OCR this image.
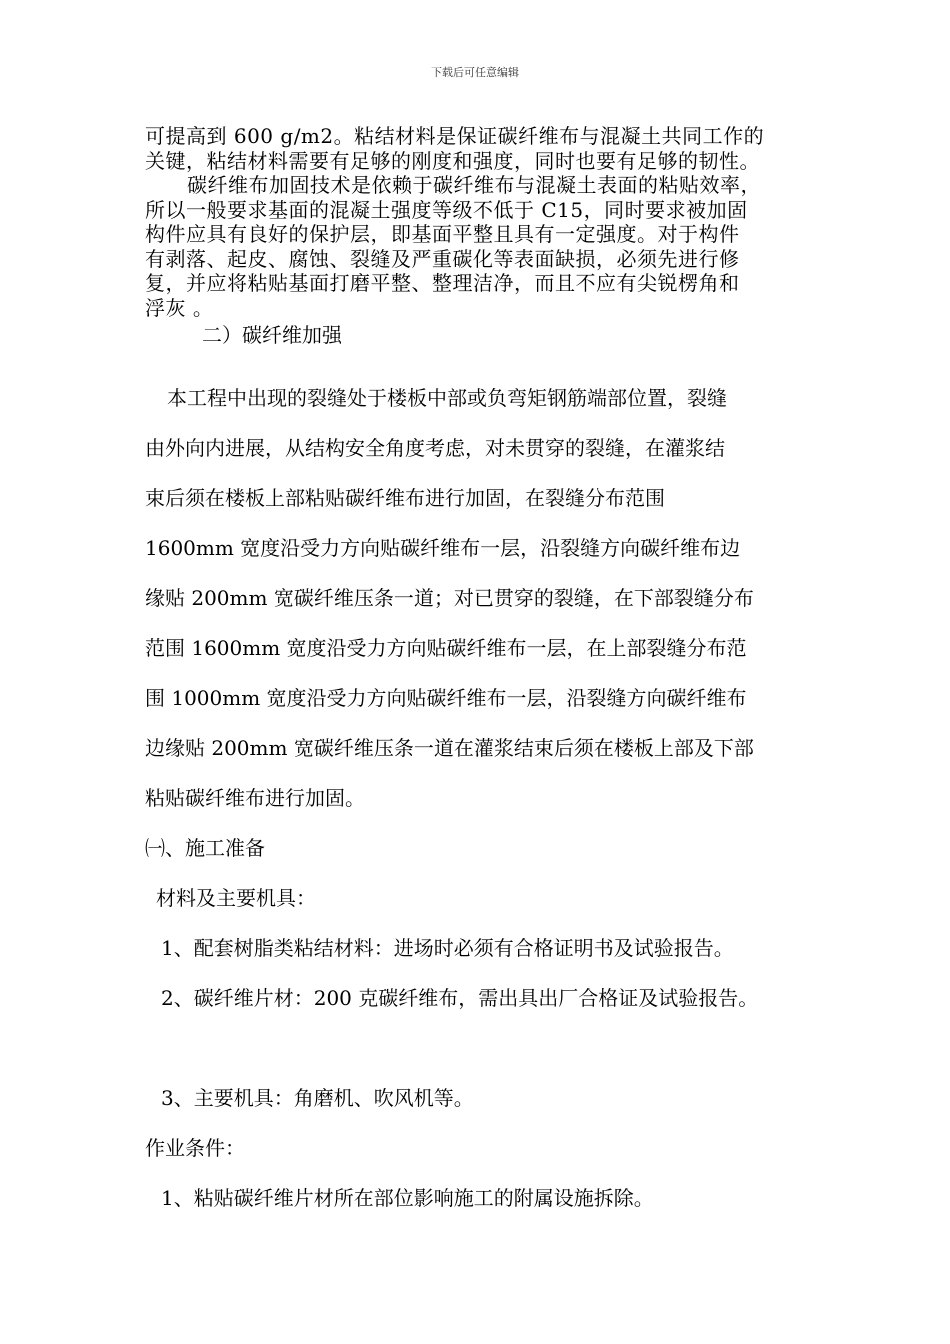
下载后可任意编辑

可提高到 600 g/m2。粘结材料是保证碳纤维布与混凝土共同工作的

关键，粘结材料需要有足够的刚度和强度，同时也要有足够的韧性。

碳纤维布加固技术是依赖于碳纤维布与混凝土表面的粘贴效率，

所以一般要求基面的混凝土强度等级不低于 C15，同时要求被加固

构件应具有良好的保护层，即基面平整且具有一定强度。对于构件

有剥落、起皮、腐蚀、裂缝及严重碳化等表面缺损，必须先进行修

复，并应将粘贴基面打磨平整、整理洁净，而且不应有尖锐楞角和

浮灰 。

二）碳纤维加强

本工程中出现的裂缝处于楼板中部或负弯矩钢筋端部位置，裂缝

由外向内进展，从结构安全角度考虑，对未贯穿的裂缝，在灌浆结

束后须在楼板上部粘贴碳纤维布进行加固，在裂缝分布范围

1600mm 宽度沿受力方向贴碳纤维布一层，沿裂缝方向碳纤维布边

缘贴 200mm 宽碳纤维压条一道；对已贯穿的裂缝，在下部裂缝分布

范围 1600mm 宽度沿受力方向贴碳纤维布一层，在上部裂缝分布范

围 1000mm 宽度沿受力方向贴碳纤维布一层，沿裂缝方向碳纤维布

边缘贴 200mm 宽碳纤维压条一道在灌浆结束后须在楼板上部及下部

粘贴碳纤维布进行加固。

㈠、施工准备

材料及主要机具：

1、配套树脂类粘结材料：进场时必须有合格证明书及试验报告。

2、碳纤维片材：200 克碳纤维布，需出具出厂合格证及试验报告。

3、主要机具：角磨机、吹风机等。

作业条件：

1、粘贴碳纤维片材所在部位影响施工的附属设施拆除。
